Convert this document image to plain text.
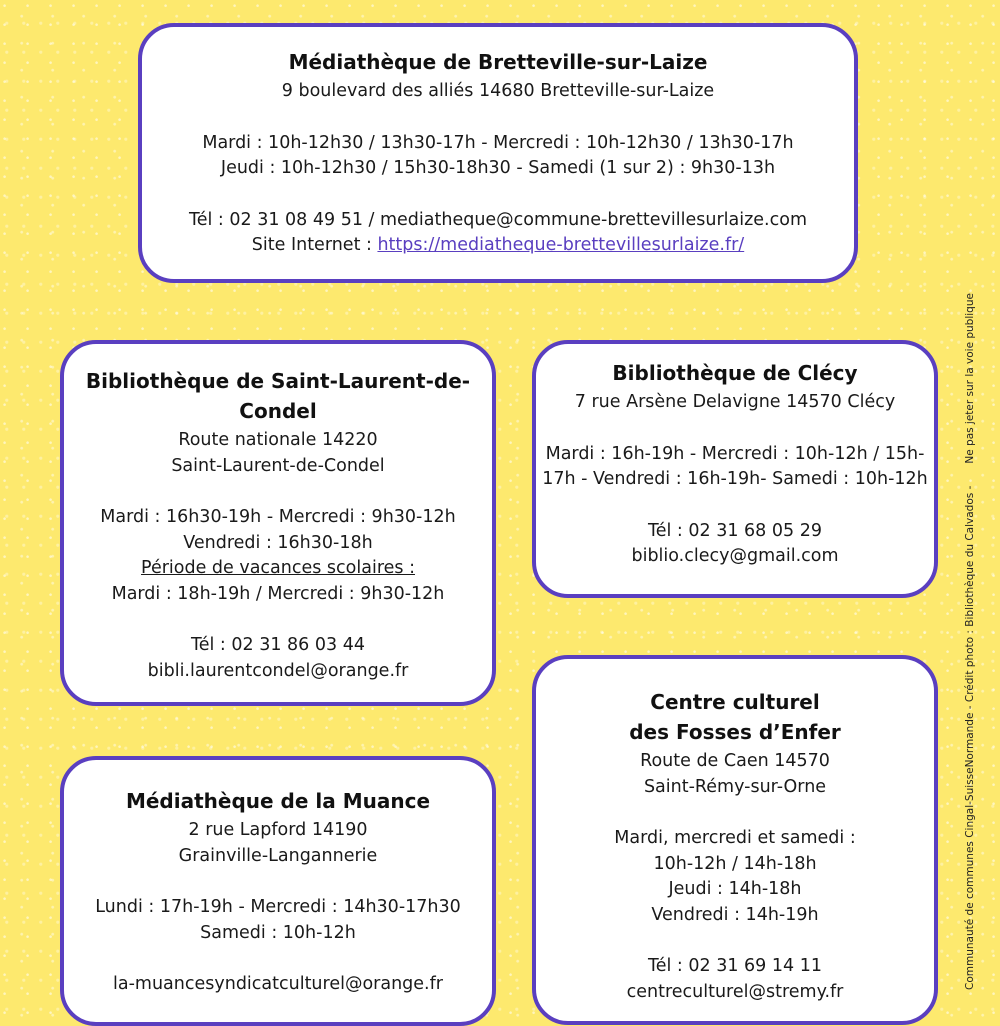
Médiathèque de Bretteville-sur-Laize

9 boulevard des alliés 14680 Bretteville-sur-Laize

Mardi : 10h-12h30 / 13h30-17h - Mercredi : 10h-12h30 / 13h30-17h

Jeudi : 10h-12h30 / 15h30-18h30 - Samedi (1 sur 2) : 9h30-13h

Tél : 02 31 08 49 51 / mediatheque@commune-brettevillesurlaize.com

Site Internet : https://mediatheque-brettevillesurlaize.fr/

Bibliothèque de Saint-Laurent-de-
Condel

Route nationale 14220

Saint-Laurent-de-Condel

Mardi : 16h30-19h - Mercredi : 9h30-12h

Vendredi : 16h30-18h

Période de vacances scolaires :

Mardi : 18h-19h / Mercredi : 9h30-12h

Tél : 02 31 86 03 44

bibli.laurentcondel@orange.fr

Bibliothèque de Clécy

7 rue Arsène Delavigne 14570 Clécy

Mardi : 16h-19h - Mercredi : 10h-12h / 15h-

17h - Vendredi : 16h-19h- Samedi : 10h-12h

Tél : 02 31 68 05 29

biblio.clecy@gmail.com

Médiathèque de la Muance

2 rue Lapford 14190

Grainville-Langannerie

Lundi : 17h-19h - Mercredi : 14h30-17h30

Samedi : 10h-12h

la-muancesyndicatculturel@orange.fr

Centre culturel
des Fosses d’Enfer

Route de Caen 14570

Saint-Rémy-sur-Orne

Mardi, mercredi et samedi :

10h-12h / 14h-18h

Jeudi : 14h-18h

Vendredi : 14h-19h

Tél : 02 31 69 14 11

centreculturel@stremy.fr

Communauté de communes Cingal-SuisseNormande - Crédit photo : Bibliothèque du Calvados -Ne pas jeter sur la voie publique
